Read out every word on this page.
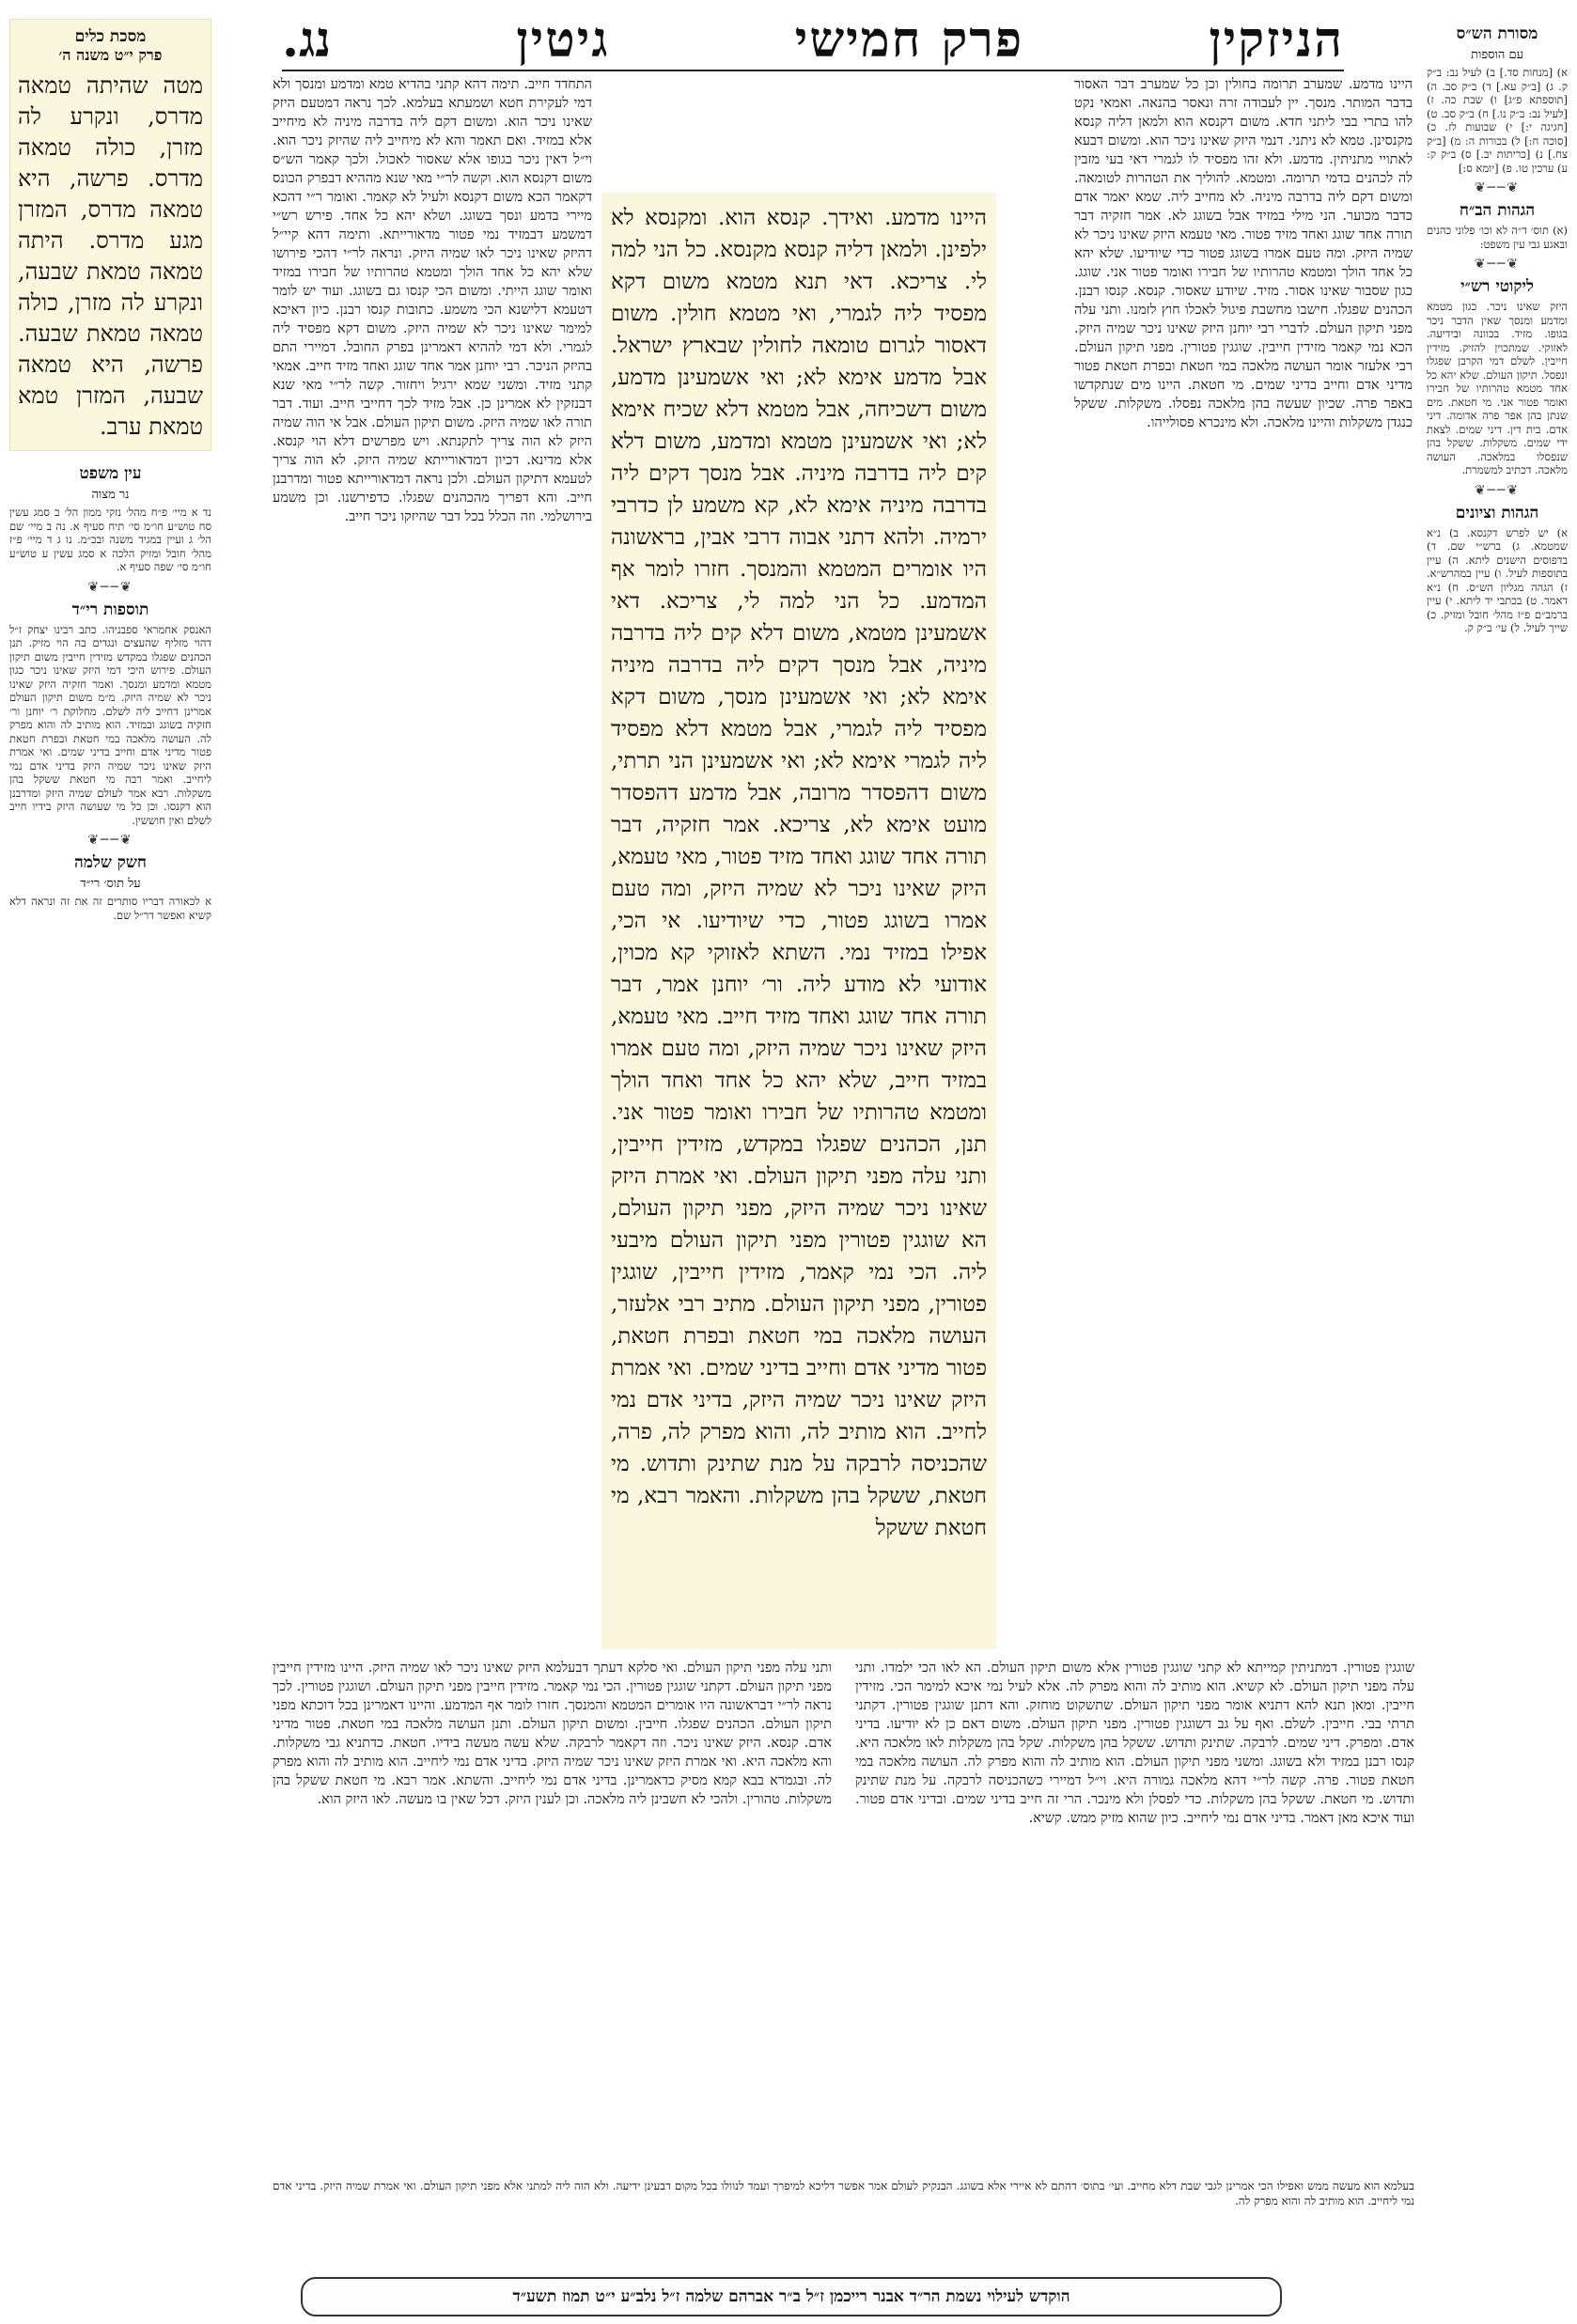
הניזקין
פרק חמישי
גיטין
נג.	מסורת הש״ס
עם הוספות
א) [מנחות סד.] ב) לעיל נב: ב״ק ק. ג) [ב״ק עא.] ד) ב״ק סב. ה) [תוספתא פ״ג] ו) שבת כה. ז) [לעיל נב: ב״ק נו.] ח) ב״ק סב. ט) [חגיגה י:] י) שבועות לז. כ) [סוכה ח:] ל) בכורות ה: מ) [ב״ק צח.] נ) [כריתות יב.] ס) ב״ק ק: ע) ערכין טו. פ) [יומא ס:]
❦──❦
הגהות הב״ח
(א) תוס׳ ד״ה לא וכו׳ פלוני כהנים ובאגע גבי עין משפט:
❦──❦
ליקוטי רש״י
היזק שאינו ניכר. כגון מטמא ומדמע ומנסך שאין הדבר ניכר בגופו. מזיד. בכוונה ובידיעה. לאזוקי. שמתכוין להזיק. מזידין חייבין. לשלם דמי הקרבן שפגלו ונפסל. תיקון העולם. שלא יהא כל אחד מטמא טהרותיו של חבירו ואומר פטור אני. מי חטאת. מים שנתן בהן אפר פרה אדומה. דיני אדם. בית דין. דיני שמים. לצאת ידי שמים. משקלות. ששקל בהן שנפסלו במלאכה. העושה מלאכה. דכתיב למשמרת.
❦──❦
הגהות וציונים
א) יש לפרש דקנסא. ב) נ״א שמטמא. ג) ברש״י שם. ד) בדפוסים הישנים ליתא. ה) עיין בתוספות לעיל. ו) עיין במהרש״א. ז) הגהה מגליון הש״ס. ח) נ״א דאמר. ט) בכתבי יד ליתא. י) עיין ברמב״ם פ״ז מהל׳ חובל ומזיק. כ) שייך לעיל. ל) עי׳ ב״ק ק.
מסכת כלים
פרק י״ט משנה ה׳
מטה שהיתה טמאה מדרס, ונקרע לה מזרן, כולה טמאה מדרס. פרשה, היא טמאה מדרס, המזרן מגע מדרס. היתה טמאה טמאת שבעה, ונקרע לה מזרן, כולה טמאה טמאת שבעה. פרשה, היא טמאה שבעה, המזרן טמא טמאת ערב.
עין משפט
נר מצוה
נד א מיי׳ פ״ח מהל׳ נזקי ממון הל׳ ב סמג עשין סח טוש״ע חו״מ סי׳ תיח סעיף א. נה ב מיי׳ שם הל׳ ג ועיין במגיד משנה ובכ״מ. נו ג ד מיי׳ פ״ז מהל׳ חובל ומזיק הלכה א סמג עשין ע טוש״ע חו״מ סי׳ שפה סעיף א.
❦──❦
תוספות רי״ד
האנסק אחמראי ספבניהו. כתב רבינו יצחק ז״ל דהוי מזליף שהעצים ונגדים בה הוי מזיק. תנן הכהנים שפגלו במקדש מזידין חייבין משום תיקון העולם. פירוש היכי דמי היזק שאינו ניכר כגון מטמא ומדמע ומנסך. ואמר חזקיה היזק שאינו ניכר לא שמיה היזק. מ״מ משום תיקון העולם אמרינן דחייב ליה לשלם. מחלוקת ר׳ יוחנן ור׳ חזקיה בשוגג ובמזיד. הוא מותיב לה והוא מפרק לה. העושה מלאכה במי חטאת ובפרת חטאת פטור מדיני אדם וחייב בדיני שמים. ואי אמרת היזק שאינו ניכר שמיה היזק בדיני אדם נמי ליחייב. ואמר רבה מי חטאת ששקל בהן משקלות. רבא אמר לעולם שמיה היזק ומדרבנן הוא דקנסו. וכן כל מי שעושה היזק בידיו חייב לשלם ואין חוששין.
❦──❦
חשק שלמה
על תוס׳ רי״ד
א לכאורה דבריו סותרים זה את זה ונראה דלא קשיא ואפשר דר״ל שם.
היינו מדמע. שמערב תרומה בחולין וכן כל שמערב דבר האסור בדבר המותר. מנסך. יין לעבודה זרה ונאסר בהנאה. ואמאי נקט להו בתרי בבי ליתני חדא. משום דקנסא הוא ולמאן דליה קנסא מקנסינן. טמא לא ניתני. דנמי היזק שאינו ניכר הוא. ומשום דבעא לאתויי מתניתין. מדמע. ולא זהו מפסיד לו לגמרי דאי בעי מזבין לה לכהנים בדמי תרומה. ומטמא. להוליך את הטהרות לטומאה. ומשום דקם ליה בדרבה מיניה. לא מחייב ליה. שמא יאמר אדם כדבר מכוער. הני מילי במזיד אבל בשוגג לא. אמר חזקיה דבר תורה אחד שוגג ואחד מזיד פטור. מאי טעמא היזק שאינו ניכר לא שמיה היזק. ומה טעם אמרו בשוגג פטור כדי שיודיעו. שלא יהא כל אחד הולך ומטמא טהרותיו של חבירו ואומר פטור אני. שוגג. כגון שסבור שאינו אסור. מזיד. שיודע שאסור. קנסא. קנסו רבנן. הכהנים שפגלו. חישבו מחשבת פיגול לאכלו חוץ לזמנו. ותני עלה מפני תיקון העולם. לדברי רבי יוחנן היזק שאינו ניכר שמיה היזק. הכא נמי קאמר מזידין חייבין. שוגגין פטורין. מפני תיקון העולם. רבי אלעזר אומר העושה מלאכה במי חטאת ובפרת חטאת פטור מדיני אדם וחייב בדיני שמים. מי חטאת. היינו מים שנתקדשו באפר פרה. שכיון שעשה בהן מלאכה נפסלו. משקלות. ששקל כנגדן משקלות והיינו מלאכה. ולא מינכרא פסולייהו.
התחדד חייב. תימה דהא קתני בהדיא טמא ומדמע ומנסך ולא דמי לעקירת חטא ושמעתא בעלמא. לכך נראה דמטעם היזק שאינו ניכר הוא. ומשום דקם ליה בדרבה מיניה לא מיחייב אלא במזיד. ואם תאמר והא לא מיחייב ליה שהיזק ניכר הוא. וי״ל דאין ניכר בגופו אלא שאסור לאכול. ולכך קאמר הש״ס משום דקנסא הוא. וקשה לר״י מאי שנא מההיא דבפרק הכונס דקאמר הכא משום דקנסא ולעיל לא קאמר. ואומר ר״י דהכא מיירי בדמע ונסך בשוגג. ושלא יהא כל אחד. פירש רש״י דמשמע דבמזיד נמי פטור מדאורייתא. ותימה דהא קיי״ל דהיזק שאינו ניכר לאו שמיה היזק. ונראה לר״י דהכי פירושו שלא יהא כל אחד הולך ומטמא טהרותיו של חבירו במזיד ואומר שוגג הייתי. ומשום הכי קנסו גם בשוגג. ועוד יש לומר דטעמא דלישנא הכי משמע. כתובות קנסו רבנן. כיון דאיכא למימר שאינו ניכר לא שמיה היזק. משום דקא מפסיד ליה לגמרי. ולא דמי לההיא דאמרינן בפרק החובל. דמיירי התם בהיזק הניכר. רבי יוחנן אמר אחד שוגג ואחד מזיד חייב. אמאי קתני מזיד. ומשני שמא ירגיל ויחזור. קשה לר״י מאי שנא דבנזקין לא אמרינן כן. אבל מזיד לכך דחייבי חייב. ועוד. דבר תורה לאו שמיה היזק. משום תיקון העולם. אבל אי הוה שמיה היזק לא הוה צריך לתקנתא. ויש מפרשים דלא הוי קנסא. אלא מדינא. דכיון דמדאורייתא שמיה היזק. לא הוה צריך לטעמא דתיקון העולם. ולכן נראה דמדאורייתא פטור ומדרבנן חייב. והא דפריך מהכהנים שפגלו. כדפירשנו. וכן משמע בירושלמי. וזה הכלל בכל דבר שהיזקו ניכר חייב.
היינו מדמע. ואידך. קנסא הוא. ומקנסא לא ילפינן. ולמאן דליה קנסא מקנסא. כל הני למה לי. צריכא. דאי תנא מטמא משום דקא מפסיד ליה לגמרי, ואי מטמא חולין. משום דאסור לגרום טומאה לחולין שבארץ ישראל. אבל מדמע אימא לא; ואי אשמעינן מדמע, משום דשכיחה, אבל מטמא דלא שכיח אימא לא; ואי אשמעינן מטמא ומדמע, משום דלא קים ליה בדרבה מיניה. אבל מנסך דקים ליה בדרבה מיניה אימא לא, קא משמע לן כדרבי ירמיה. ולהא דתני אבוה דרבי אבין, בראשונה היו אומרים המטמא והמנסך. חזרו לומר אף המדמע. כל הני למה לי, צריכא. דאי אשמעינן מטמא, משום דלא קים ליה בדרבה מיניה, אבל מנסך דקים ליה בדרבה מיניה אימא לא; ואי אשמעינן מנסך, משום דקא מפסיד ליה לגמרי, אבל מטמא דלא מפסיד ליה לגמרי אימא לא; ואי אשמעינן הני תרתי, משום דהפסדר מרובה, אבל מדמע דהפסדר מועט אימא לא, צריכא. אמר חזקיה, דבר תורה אחד שוגג ואחד מזיד פטור, מאי טעמא, היזק שאינו ניכר לא שמיה היזק, ומה טעם אמרו בשוגג פטור, כדי שיודיעו. אי הכי, אפילו במזיד נמי. השתא לאזוקי קא מכוין, אודועי לא מודע ליה. ור׳ יוחנן אמר, דבר תורה אחד שוגג ואחד מזיד חייב. מאי טעמא, היזק שאינו ניכר שמיה היזק, ומה טעם אמרו במזיד חייב, שלא יהא כל אחד ואחד הולך ומטמא טהרותיו של חבירו ואומר פטור אני. תנן, הכהנים שפגלו במקדש, מזידין חייבין, ותני עלה מפני תיקון העולם. ואי אמרת היזק שאינו ניכר שמיה היזק, מפני תיקון העולם, הא שוגגין פטורין מפני תיקון העולם מיבעי ליה. הכי נמי קאמר, מזידין חייבין, שוגגין פטורין, מפני תיקון העולם. מתיב רבי אלעזר, העושה מלאכה במי חטאת ובפרת חטאת, פטור מדיני אדם וחייב בדיני שמים. ואי אמרת היזק שאינו ניכר שמיה היזק, בדיני אדם נמי לחייב. הוא מותיב לה, והוא מפרק לה, פרה, שהכניסה לרבקה על מנת שתינק ותדוש. מי חטאת, ששקל בהן משקלות. והאמר רבא, מי חטאת ששקל
שוגגין פטורין. דמתניתין קמייתא לא קתני שוגגין פטורין אלא משום תיקון העולם. הא לאו הכי ילמדו. ותני עלה מפני תיקון העולם. לא קשיא. הוא מותיב לה והוא מפרק לה. אלא לעיל נמי איכא למימר הכי. מזידין חייבין. ומאן תנא להא דתניא אומר מפני תיקון העולם. שתשקוט מוחזק. והא דתנן שוגגין פטורין. דקתני תרתי בבי. חייבין. לשלם. ואף על גב דשוגגין פטורין. מפני תיקון העולם. משום דאם כן לא יודיעו. בדיני אדם. ומפרק. דיני שמים. לרבקה. שתינק ותדוש. ששקל בהן משקלות. שקל בהן משקלות לאו מלאכה היא. קנסו רבנן במזיד ולא בשוגג. ומשני מפני תיקון העולם. הוא מותיב לה והוא מפרק לה. העושה מלאכה במי חטאת פטור. פרה. קשה לר״י דהא מלאכה גמורה היא. וי״ל דמיירי כשהכניסה לרבקה. על מנת שתינק ותדוש. מי חטאת. ששקל בהן משקלות. כדי לפסלן ולא מינכר. הרי זה חייב בדיני שמים. ובדיני אדם פטור. ועוד איכא מאן דאמר. בדיני אדם נמי ליחייב. כיון שהוא מזיק ממש. קשיא.
ותני עלה מפני תיקון העולם. ואי סלקא דעתך דבעלמא היזק שאינו ניכר לאו שמיה היזק. היינו מזידין חייבין מפני תיקון העולם. דקתני שוגגין פטורין. הכי נמי קאמר. מזידין חייבין מפני תיקון העולם. ושוגגין פטורין. לכך נראה לר״י דבראשונה היו אומרים המטמא והמנסך. חזרו לומר אף המדמע. והיינו דאמרינן בכל דוכתא מפני תיקון העולם. הכהנים שפגלו. חייבין. ומשום תיקון העולם. ותנן העושה מלאכה במי חטאת. פטור מדיני אדם. קנסא. היזק שאינו ניכר. וזה דקאמר לרבקה. שלא עשה מעשה בידיו. חטאת. כדתניא גבי משקלות. והא מלאכה היא. ואי אמרת היזק שאינו ניכר שמיה היזק. בדיני אדם נמי ליחייב. הוא מותיב לה והוא מפרק לה. ובגמרא בבא קמא מסיק כדאמרינן. בדיני אדם נמי ליחייב. והשתא. אמר רבא. מי חטאת ששקל בהן משקלות. טהורין. ולהכי לא חשבינן ליה מלאכה. וכן לענין היזק. דכל שאין בו מעשה. לאו היזק הוא.
בעלמא הוא מעשה ממש ואפילו הכי אמרינן לגבי שבת דלא מחייב. ועי׳ בתוס׳ דהתם לא איירי אלא בשוגג. הבנקיק לעולם אמר אפשר דליכא למיפרך ועמד לנוולו בכל מקום דבעינן ידיעה. ולא הוה ליה למתני אלא מפני תיקון העולם. ואי אמרת שמיה היזק. בדיני אדם נמי ליחייב. הוא מותיב לה והוא מפרק לה.
הוקדש לעילוי נשמת הר״ד אבנר רייכמן ז״ל ב״ר אברהם שלמה ז״ל נלב״ע י״ט תמוז תשע״ד
